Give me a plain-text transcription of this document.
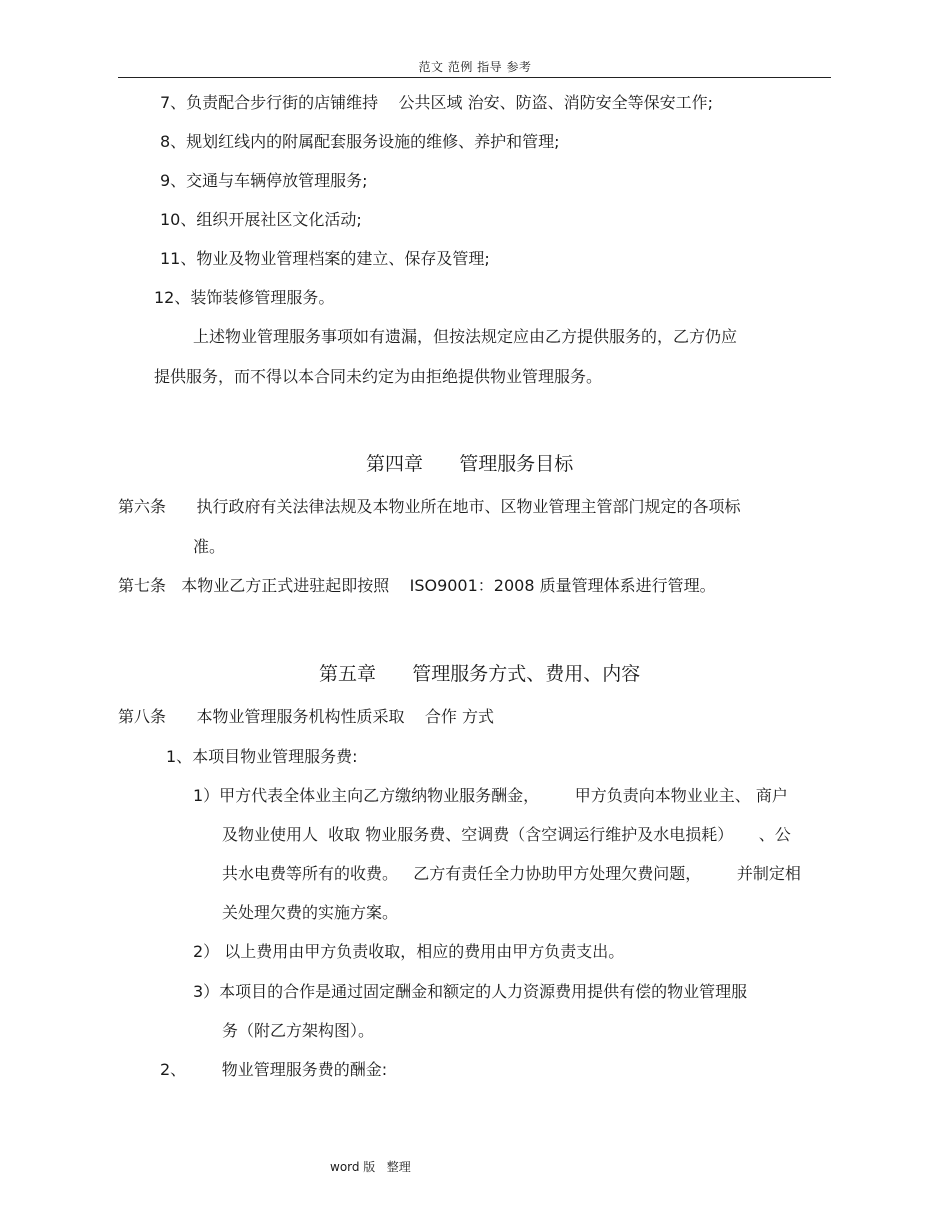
范文 范例 指导 参考
7、负责配合步行街的店铺维持    公共区域 治安、防盗、消防安全等保安工作;
8、规划红线内的附属配套服务设施的维修、养护和管理;
9、交通与车辆停放管理服务;
10、组织开展社区文化活动;
11、物业及物业管理档案的建立、保存及管理;
12、装饰装修管理服务。
上述物业管理服务事项如有遗漏，但按法规定应由乙方提供服务的，乙方仍应
提供服务，而不得以本合同未约定为由拒绝提供物业管理服务。
第四章      管理服务目标
第六条      执行政府有关法律法规及本物业所在地市、区物业管理主管部门规定的各项标
准。
第七条   本物业乙方正式进驻起即按照    ISO9001：2008 质量管理体系进行管理。
第五章      管理服务方式、费用、内容
第八条      本物业管理服务机构性质采取    合作 方式
1、本项目物业管理服务费:
1）甲方代表全体业主向乙方缴纳物业服务酬金，       甲方负责向本物业业主、 商户
及物业使用人  收取 物业服务费、空调费（含空调运行维护及水电损耗）     、公
共水电费等所有的收费。   乙方有责任全力协助甲方处理欠费问题，       并制定相
关处理欠费的实施方案。
2） 以上费用由甲方负责收取，相应的费用由甲方负责支出。
3）本项目的合作是通过固定酬金和额定的人力资源费用提供有偿的物业管理服
务（附乙方架构图）。
2、       物业管理服务费的酬金:
word 版   整理
